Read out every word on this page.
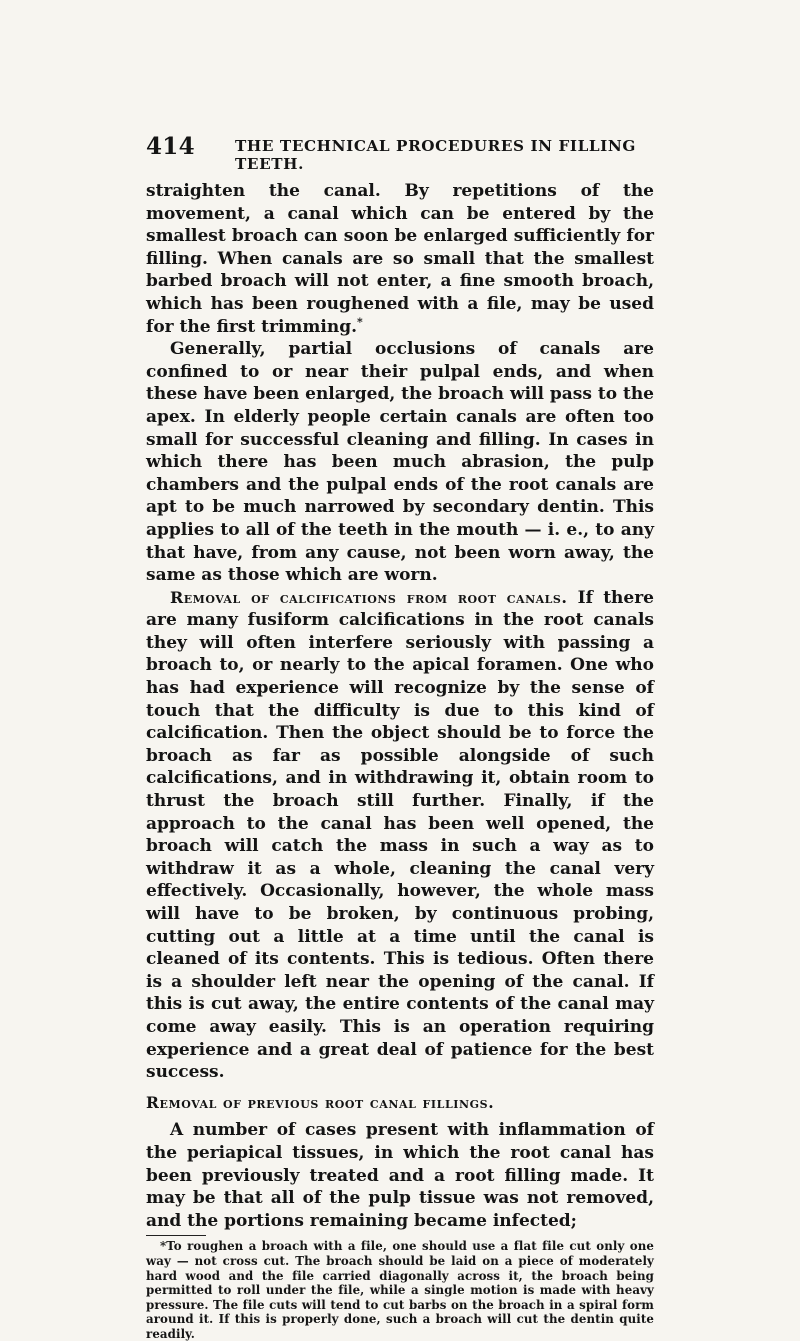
414	THE TECHNICAL PROCEDURES IN FILLING TEETH.

straighten the canal. By repetitions of the movement, a canal which can be entered by the smallest broach can soon be enlarged sufficiently for filling. When canals are so small that the smallest barbed broach will not enter, a fine smooth broach, which has been roughened with a file, may be used for the first trimming.*

Generally, partial occlusions of canals are confined to or near their pulpal ends, and when these have been enlarged, the broach will pass to the apex. In elderly people certain canals are often too small for successful cleaning and filling. In cases in which there has been much abrasion, the pulp chambers and the pulpal ends of the root canals are apt to be much narrowed by secondary dentin. This applies to all of the teeth in the mouth — i. e., to any that have, from any cause, not been worn away, the same as those which are worn.

Removal of calcifications from root canals. If there are many fusiform calcifications in the root canals they will often interfere seriously with passing a broach to, or nearly to the apical foramen. One who has had experience will recognize by the sense of touch that the difficulty is due to this kind of calcification. Then the object should be to force the broach as far as possible alongside of such calcifications, and in withdrawing it, obtain room to thrust the broach still further. Finally, if the approach to the canal has been well opened, the broach will catch the mass in such a way as to withdraw it as a whole, cleaning the canal very effectively. Occasionally, however, the whole mass will have to be broken, by continuous probing, cutting out a little at a time until the canal is cleaned of its contents. This is tedious. Often there is a shoulder left near the opening of the canal. If this is cut away, the entire contents of the canal may come away easily. This is an operation requiring experience and a great deal of patience for the best success.

Removal of previous root canal fillings.

A number of cases present with inflammation of the periapical tissues, in which the root canal has been previously treated and a root filling made. It may be that all of the pulp tissue was not removed, and the portions remaining became infected;

*To roughen a broach with a file, one should use a flat file cut only one way — not cross cut. The broach should be laid on a piece of moderately hard wood and the file carried diagonally across it, the broach being permitted to roll under the file, while a single motion is made with heavy pressure. The file cuts will tend to cut barbs on the broach in a spiral form around it. If this is properly done, such a broach will cut the dentin quite readily.
